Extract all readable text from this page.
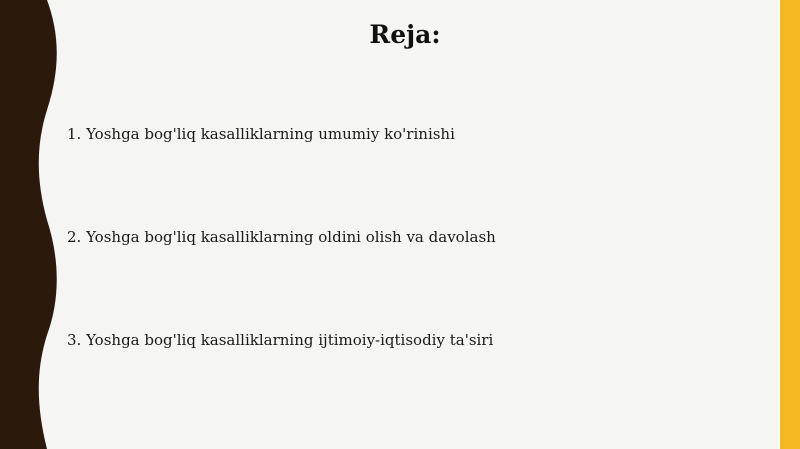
Reja:
1. Yoshga bog'liq kasalliklarning umumiy ko'rinishi
2. Yoshga bog'liq kasalliklarning oldini olish va davolash
3. Yoshga bog'liq kasalliklarning ijtimoiy-iqtisodiy ta'siri
